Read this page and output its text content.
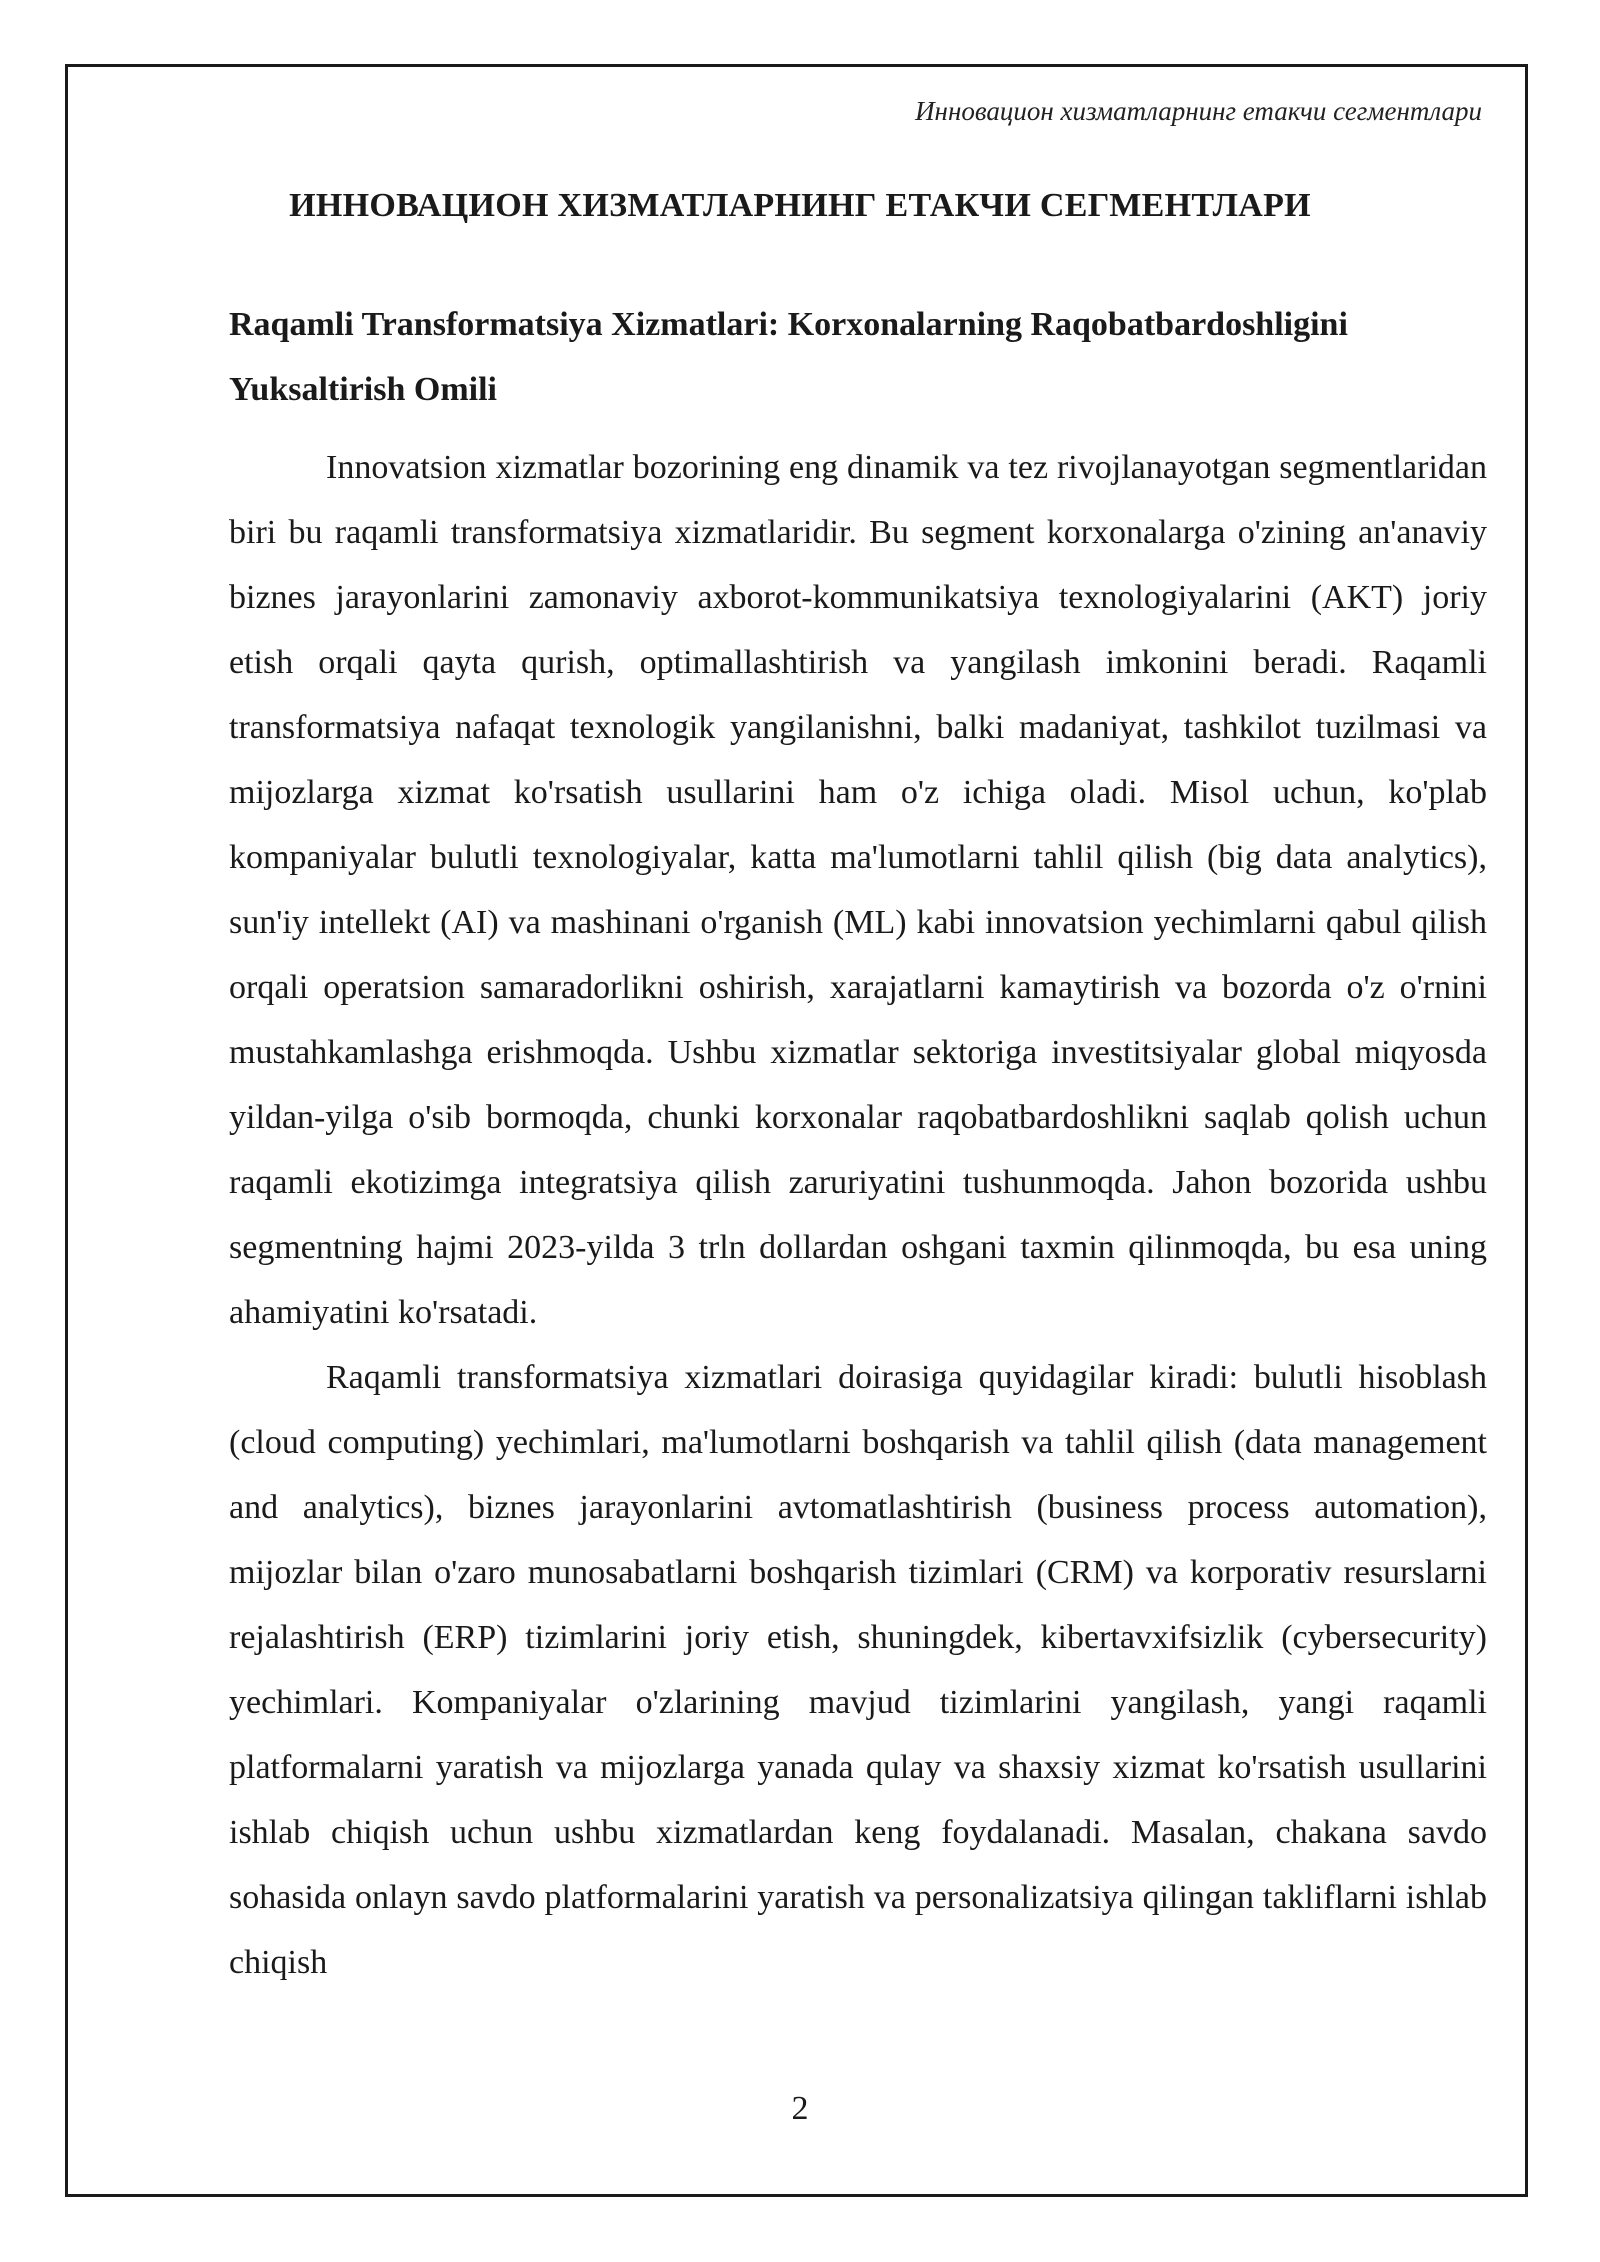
Инновацион хизматларнинг етакчи сегментлари
ИННОВАЦИОН ХИЗМАТЛАРНИНГ ЕТАКЧИ СЕГМЕНТЛАРИ
Raqamli Transformatsiya Xizmatlari: Korxonalarning Raqobatbardoshligini Yuksaltirish Omili

Innovatsion xizmatlar bozorining eng dinamik va tez rivojlanayotgan segmentlaridan biri bu raqamli transformatsiya xizmatlaridir. Bu segment korxonalarga o'zining an'anaviy biznes jarayonlarini zamonaviy axborot-kommunikatsiya texnologiyalarini (AKT) joriy etish orqali qayta qurish, optimallashtirish va yangilash imkonini beradi. Raqamli transformatsiya nafaqat texnologik yangilanishni, balki madaniyat, tashkilot tuzilmasi va mijozlarga xizmat ko'rsatish usullarini ham o'z ichiga oladi. Misol uchun, ko'plab kompaniyalar bulutli texnologiyalar, katta ma'lumotlarni tahlil qilish (big data analytics), sun'iy intellekt (AI) va mashinani o'rganish (ML) kabi innovatsion yechimlarni qabul qilish orqali operatsion samaradorlikni oshirish, xarajatlarni kamaytirish va bozorda o'z o'rnini mustahkamlashga erishmoqda. Ushbu xizmatlar sektoriga investitsiyalar global miqyosda yildan-yilga o'sib bormoqda, chunki korxonalar raqobatbardoshlikni saqlab qolish uchun raqamli ekotizimga integratsiya qilish zaruriyatini tushunmoqda. Jahon bozorida ushbu segmentning hajmi 2023-yilda 3 trln dollardan oshgani taxmin qilinmoqda, bu esa uning ahamiyatini ko'rsatadi.

Raqamli transformatsiya xizmatlari doirasiga quyidagilar kiradi: bulutli hisoblash (cloud computing) yechimlari, ma'lumotlarni boshqarish va tahlil qilish (data management and analytics), biznes jarayonlarini avtomatlashtirish (business process automation), mijozlar bilan o'zaro munosabatlarni boshqarish tizimlari (CRM) va korporativ resurslarni rejalashtirish (ERP) tizimlarini joriy etish, shuningdek, kibertavxifsizlik (cybersecurity) yechimlari. Kompaniyalar o'zlarining mavjud tizimlarini yangilash, yangi raqamli platformalarni yaratish va mijozlarga yanada qulay va shaxsiy xizmat ko'rsatish usullarini ishlab chiqish uchun ushbu xizmatlardan keng foydalanadi. Masalan, chakana savdo sohasida onlayn savdo platformalarini yaratish va personalizatsiya qilingan takliflarni ishlab chiqish

2
